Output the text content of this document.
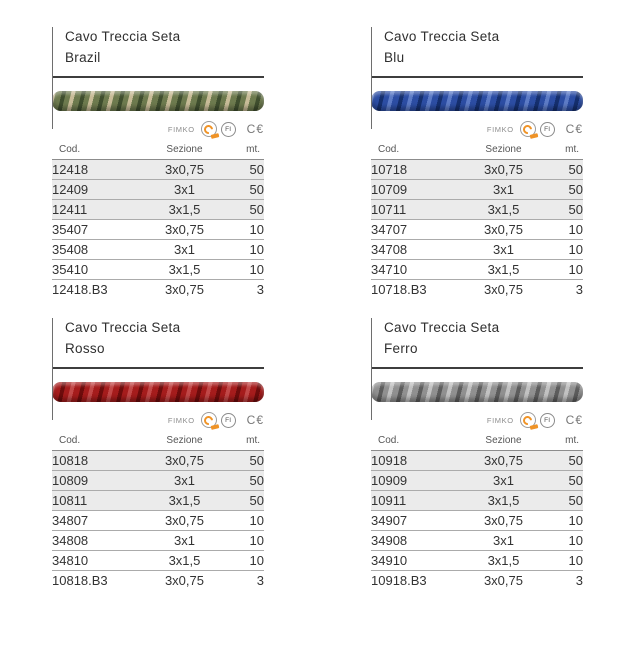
Cavo Treccia Seta
Brazil
FIMKO	FI	C€
Cod.	Sezione	mt.
12418	3x0,75	50
12409	3x1	50
12411	3x1,5	50
35407	3x0,75	10
35408	3x1	10
35410	3x1,5	10
12418.B3	3x0,75	3
Cavo Treccia Seta
Blu
FIMKO	FI	C€
Cod.	Sezione	mt.
10718	3x0,75	50
10709	3x1	50
10711	3x1,5	50
34707	3x0,75	10
34708	3x1	10
34710	3x1,5	10
10718.B3	3x0,75	3
Cavo Treccia Seta
Rosso
FIMKO	FI	C€
Cod.	Sezione	mt.
10818	3x0,75	50
10809	3x1	50
10811	3x1,5	50
34807	3x0,75	10
34808	3x1	10
34810	3x1,5	10
10818.B3	3x0,75	3
Cavo Treccia Seta
Ferro
FIMKO	FI	C€
Cod.	Sezione	mt.
10918	3x0,75	50
10909	3x1	50
10911	3x1,5	50
34907	3x0,75	10
34908	3x1	10
34910	3x1,5	10
10918.B3	3x0,75	3
